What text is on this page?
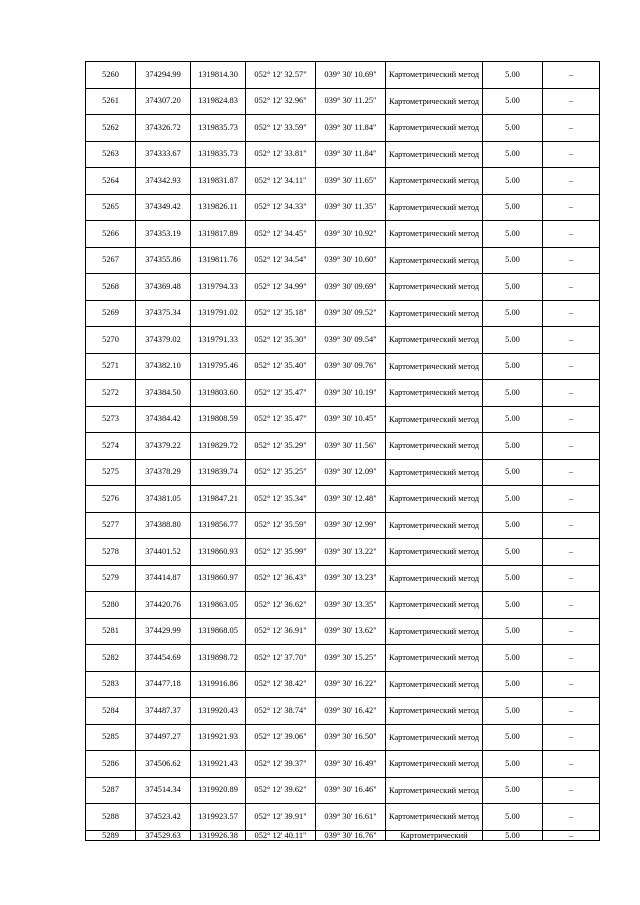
5260	374294.99	1319814.30	052° 12' 32.57"	039° 30' 10.69"	Картометрический метод	5.00	–
5261	374307.20	1319824.83	052° 12' 32.96"	039° 30' 11.25"	Картометрический метод	5.00	–
5262	374326.72	1319835.73	052° 12' 33.59"	039° 30' 11.84"	Картометрический метод	5.00	–
5263	374333.67	1319835.73	052° 12' 33.81"	039° 30' 11.84"	Картометрический метод	5.00	–
5264	374342.93	1319831.87	052° 12' 34.11"	039° 30' 11.65"	Картометрический метод	5.00	–
5265	374349.42	1319826.11	052° 12' 34.33"	039° 30' 11.35"	Картометрический метод	5.00	–
5266	374353.19	1319817.89	052° 12' 34.45"	039° 30' 10.92"	Картометрический метод	5.00	–
5267	374355.86	1319811.76	052° 12' 34.54"	039° 30' 10.60"	Картометрический метод	5.00	–
5268	374369.48	1319794.33	052° 12' 34.99"	039° 30' 09.69"	Картометрический метод	5.00	–
5269	374375.34	1319791.02	052° 12' 35.18"	039° 30' 09.52"	Картометрический метод	5.00	–
5270	374379.02	1319791.33	052° 12' 35.30"	039° 30' 09.54"	Картометрический метод	5.00	–
5271	374382.10	1319795.46	052° 12' 35.40"	039° 30' 09.76"	Картометрический метод	5.00	–
5272	374384.50	1319803.60	052° 12' 35.47"	039° 30' 10.19"	Картометрический метод	5.00	–
5273	374384.42	1319808.59	052° 12' 35.47"	039° 30' 10.45"	Картометрический метод	5.00	–
5274	374379.22	1319829.72	052° 12' 35.29"	039° 30' 11.56"	Картометрический метод	5.00	–
5275	374378.29	1319839.74	052° 12' 35.25"	039° 30' 12.09"	Картометрический метод	5.00	–
5276	374381.05	1319847.21	052° 12' 35.34"	039° 30' 12.48"	Картометрический метод	5.00	–
5277	374388.80	1319856.77	052° 12' 35.59"	039° 30' 12.99"	Картометрический метод	5.00	–
5278	374401.52	1319860.93	052° 12' 35.99"	039° 30' 13.22"	Картометрический метод	5.00	–
5279	374414.87	1319860.97	052° 12' 36.43"	039° 30' 13.23"	Картометрический метод	5.00	–
5280	374420.76	1319863.05	052° 12' 36.62"	039° 30' 13.35"	Картометрический метод	5.00	–
5281	374429.99	1319868.05	052° 12' 36.91"	039° 30' 13.62"	Картометрический метод	5.00	–
5282	374454.69	1319898.72	052° 12' 37.70"	039° 30' 15.25"	Картометрический метод	5.00	–
5283	374477.18	1319916.86	052° 12' 38.42"	039° 30' 16.22"	Картометрический метод	5.00	–
5284	374487.37	1319920.43	052° 12' 38.74"	039° 30' 16.42"	Картометрический метод	5.00	–
5285	374497.27	1319921.93	052° 12' 39.06"	039° 30' 16.50"	Картометрический метод	5.00	–
5286	374506.62	1319921.43	052° 12' 39.37"	039° 30' 16.49"	Картометрический метод	5.00	–
5287	374514.34	1319920.89	052° 12' 39.62"	039° 30' 16.46"	Картометрический метод	5.00	–
5288	374523.42	1319923.57	052° 12' 39.91"	039° 30' 16.61"	Картометрический метод	5.00	–
5289	374529.63	1319926.38	052° 12' 40.11"	039° 30' 16.76"	Картометрический	5.00	–
